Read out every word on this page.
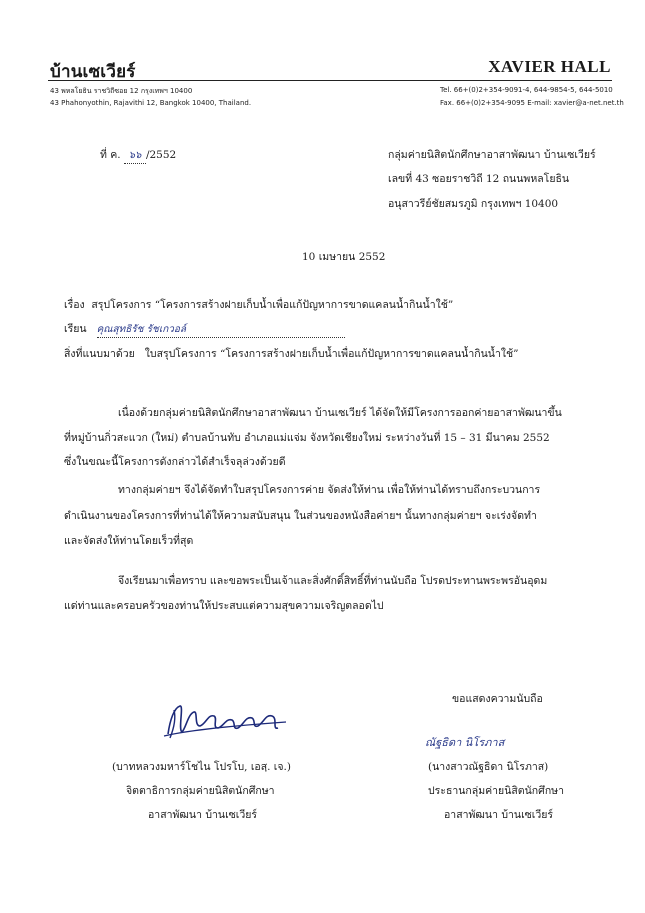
บ้านเซเวียร์	XAVIER HALL
43 พหลโยธิน ราชวิถีซอย 12 กรุงเทพฯ 10400
43 Phahonyothin, Rajavithi 12, Bangkok 10400, Thailand.
Tel. 66+(0)2+354-9091-4, 644-9854-5, 644-5010
Fax. 66+(0)2+354-9095 E-mail: xavier@a-net.net.th
ที่ ค. ๖๖ /2552	กลุ่มค่ายนิสิตนักศึกษาอาสาพัฒนา บ้านเซเวียร์
เลขที่ 43 ซอยราชวิถี 12 ถนนพหลโยธิน
อนุสาวรีย์ชัยสมรภูมิ กรุงเทพฯ 10400
10 เมษายน 2552
เรื่อง สรุปโครงการ “โครงการสร้างฝายเก็บน้ำเพื่อแก้ปัญหาการขาดแคลนน้ำกินน้ำใช้”
เรียน คุณสุทธิรัช รัชเกวอล์
สิ่งที่แนบมาด้วย ใบสรุปโครงการ “โครงการสร้างฝายเก็บน้ำเพื่อแก้ปัญหาการขาดแคลนน้ำกินน้ำใช้”
เนื่องด้วยกลุ่มค่ายนิสิตนักศึกษาอาสาพัฒนา บ้านเซเวียร์ ได้จัดให้มีโครงการออกค่ายอาสาพัฒนาขึ้น
ที่หมู่บ้านกิ่วสะแวก (ใหม่) ตำบลบ้านทับ อำเภอแม่แจ่ม จังหวัดเชียงใหม่ ระหว่างวันที่ 15 – 31 มีนาคม 2552
ซึ่งในขณะนี้โครงการดังกล่าวได้สำเร็จลุล่วงด้วยดี
ทางกลุ่มค่ายฯ จึงได้จัดทำใบสรุปโครงการค่าย จัดส่งให้ท่าน เพื่อให้ท่านได้ทราบถึงกระบวนการ
ดำเนินงานของโครงการที่ท่านได้ให้ความสนับสนุน ในส่วนของหนังสือค่ายฯ นั้นทางกลุ่มค่ายฯ จะเร่งจัดทำ
และจัดส่งให้ท่านโดยเร็วที่สุด
จึงเรียนมาเพื่อทราบ และขอพระเป็นเจ้าและสิ่งศักดิ์สิทธิ์ที่ท่านนับถือ โปรดประทานพระพรอันอุดม
แด่ท่านและครอบครัวของท่านให้ประสบแต่ความสุขความเจริญตลอดไป
ขอแสดงความนับถือ
ณัฐธิดา นิโรภาส
(บาทหลวงมหาร์โชไน โปรโบ, เอสฺ. เจ.)
จิตตาธิการกลุ่มค่ายนิสิตนักศึกษา
อาสาพัฒนา บ้านเซเวียร์
(นางสาวณัฐธิดา นิโรภาส)
ประธานกลุ่มค่ายนิสิตนักศึกษา
อาสาพัฒนา บ้านเซเวียร์
